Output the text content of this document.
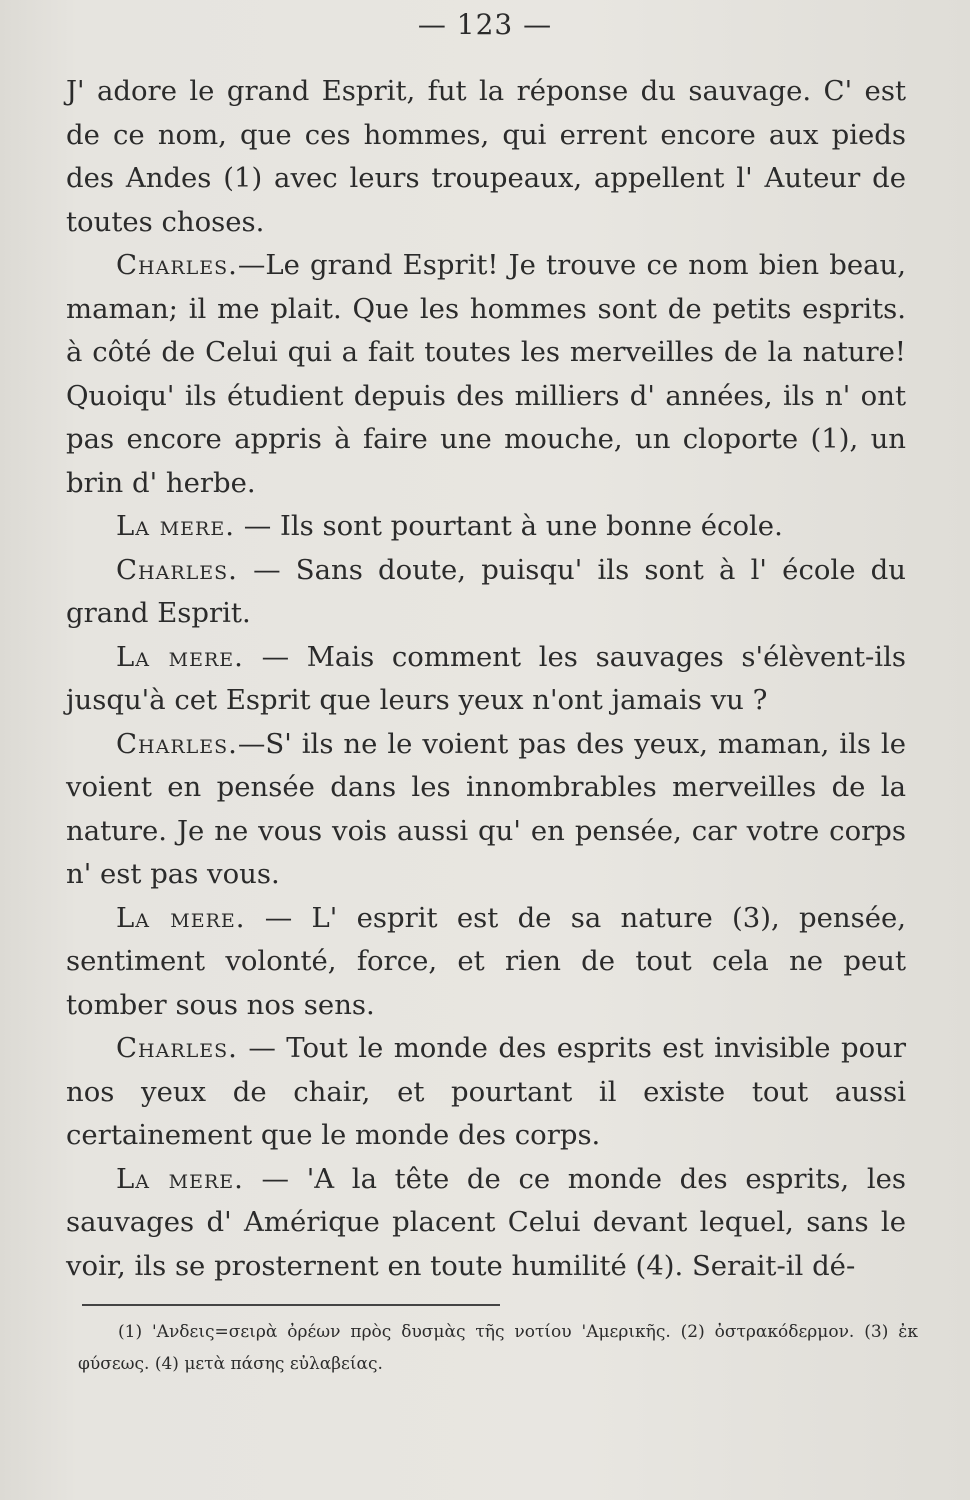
— 123 —

J' adore le grand Esprit, fut la réponse du sauvage. C' est de ce nom, que ces hommes, qui errent encore aux pieds des Andes (1) avec leurs troupeaux, appellent l' Auteur de toutes choses.

Charles.—Le grand Esprit! Je trouve ce nom bien beau, maman; il me plait. Que les hommes sont de petits esprits. à côté de Celui qui a fait toutes les merveilles de la nature! Quoiqu' ils étudient depuis des milliers d' années, ils n' ont pas encore appris à faire une mouche, un cloporte (1), un brin d' herbe.

La mere. — Ils sont pourtant à une bonne école.

Charles. — Sans doute, puisqu' ils sont à l' école du grand Esprit.

La mere. — Mais comment les sauvages s'élèvent-ils jusqu'à cet Esprit que leurs yeux n'ont jamais vu ?

Charles.—S' ils ne le voient pas des yeux, maman, ils le voient en pensée dans les innombrables merveilles de la nature. Je ne vous vois aussi qu' en pensée, car votre corps n' est pas vous.

La mere. — L' esprit est de sa nature (3), pensée, sentiment volonté, force, et rien de tout cela ne peut tomber sous nos sens.

Charles. — Tout le monde des esprits est invisible pour nos yeux de chair, et pourtant il existe tout aussi certainement que le monde des corps.

La mere. — 'A la tête de ce monde des esprits, les sauvages d' Amérique placent Celui devant lequel, sans le voir, ils se prosternent en toute humilité (4). Serait-il dé-

(1) 'Ανδεις=σειρὰ ὀρέων πρὸς δυσμὰς τῆς νοτίου 'Αμερικῆς. (2) ὀστρακόδερμον. (3) ἐκ φύσεως. (4) μετὰ πάσης εὐλαβείας.
